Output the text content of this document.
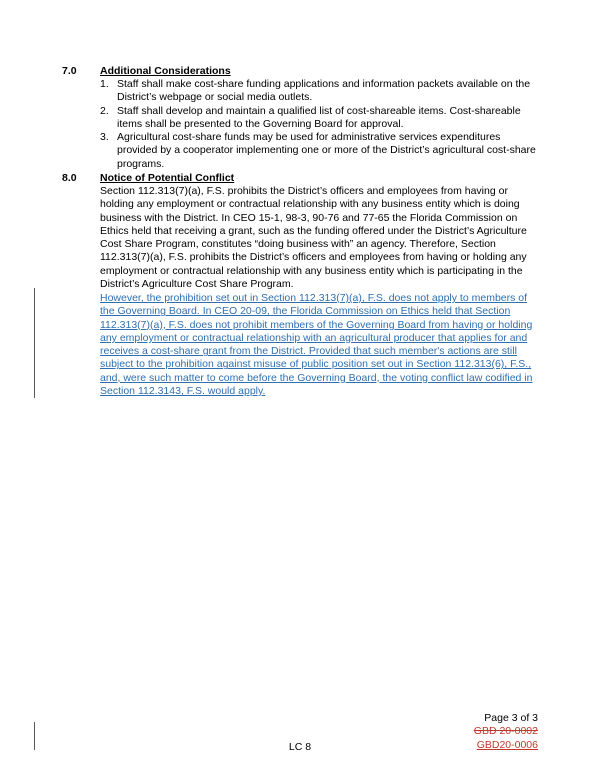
7.0 Additional Considerations
1. Staff shall make cost-share funding applications and information packets available on the District’s webpage or social media outlets.
2. Staff shall develop and maintain a qualified list of cost-shareable items. Cost-shareable items shall be presented to the Governing Board for approval.
3. Agricultural cost-share funds may be used for administrative services expenditures provided by a cooperator implementing one or more of the District’s agricultural cost-share programs.
8.0 Notice of Potential Conflict

Section 112.313(7)(a), F.S. prohibits the District’s officers and employees from having or holding any employment or contractual relationship with any business entity which is doing business with the District. In CEO 15-1, 98-3, 90-76 and 77-65 the Florida Commission on Ethics held that receiving a grant, such as the funding offered under the District’s Agriculture Cost Share Program, constitutes “doing business with” an agency. Therefore, Section 112.313(7)(a), F.S. prohibits the District’s officers and employees from having or holding any employment or contractual relationship with any business entity which is participating in the District’s Agriculture Cost Share Program.

However, the prohibition set out in Section 112.313(7)(a), F.S. does not apply to members of the Governing Board. In CEO 20-09, the Florida Commission on Ethics held that Section 112.313(7)(a), F.S. does not prohibit members of the Governing Board from having or holding any employment or contractual relationship with an agricultural producer that applies for and receives a cost-share grant from the District. Provided that such member's actions are still subject to the prohibition against misuse of public position set out in Section 112.313(6), F.S., and, were such matter to come before the Governing Board, the voting conflict law codified in Section 112.3143, F.S. would apply.

Page 3 of 3
GBD 20-0002
GBD20-0006
LC 8
